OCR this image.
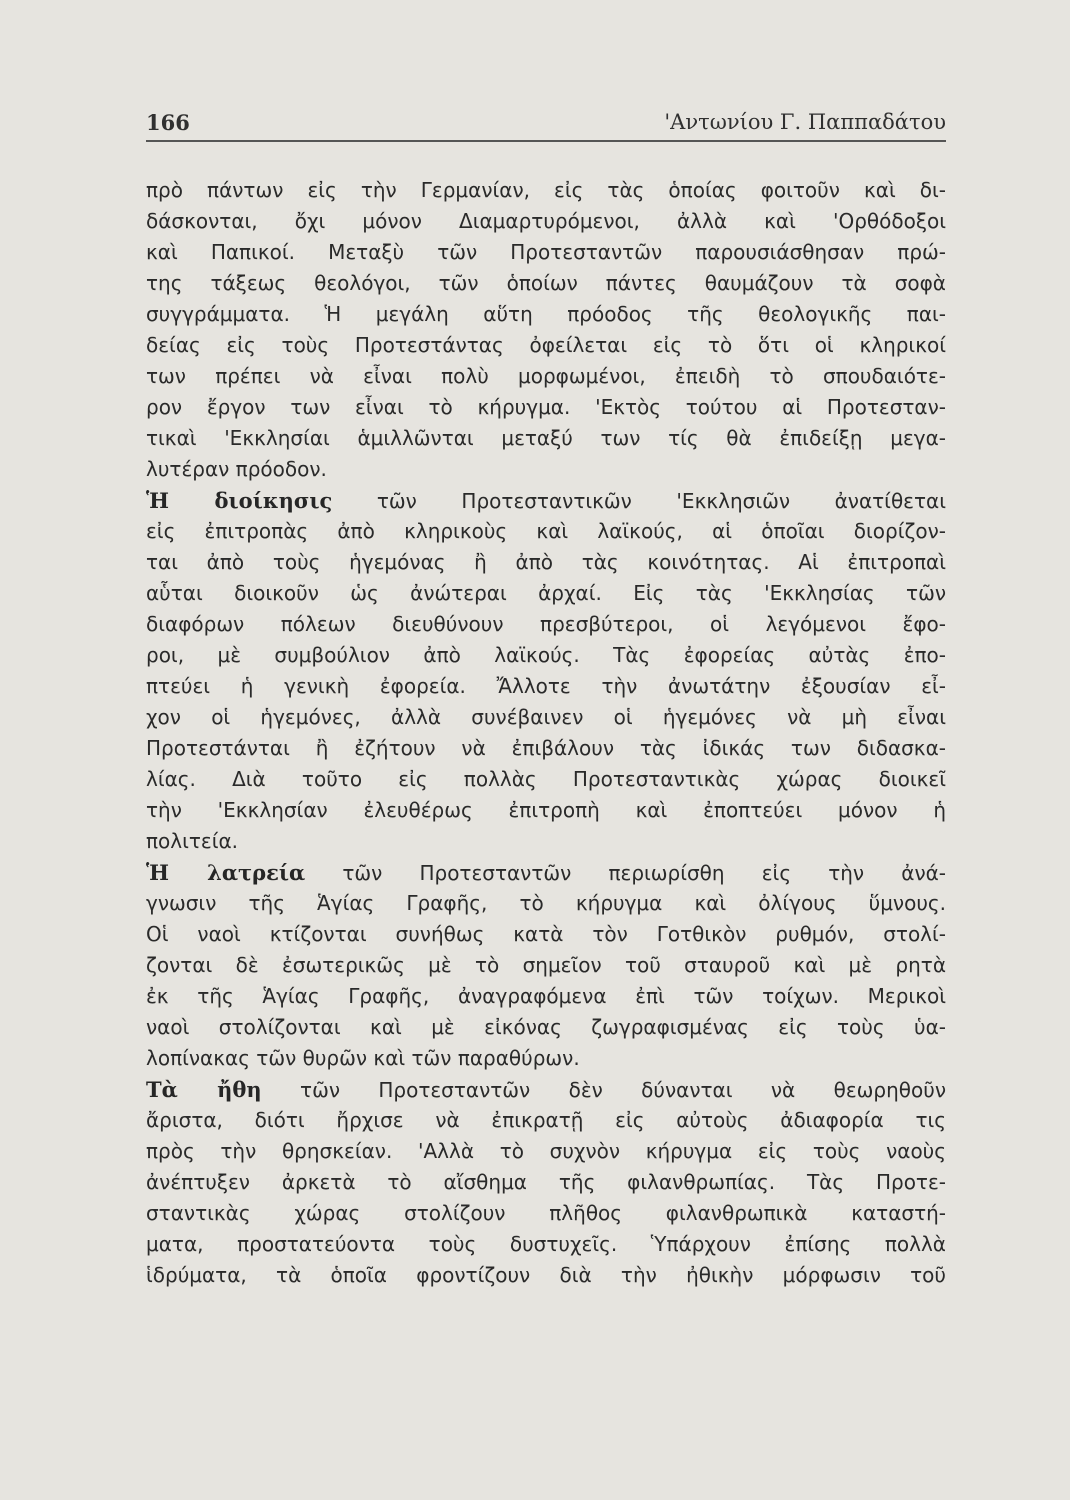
166	'Αντωνίου Γ. Παππαδάτου
πρὸ πάντων εἰς τὴν Γερμανίαν, εἰς τὰς ὁποίας φοιτοῦν καὶ δι-
δάσκονται, ὄχι μόνον Διαμαρτυρόμενοι, ἀλλὰ καὶ 'Ορθόδοξοι
καὶ Παπικοί. Μεταξὺ τῶν Προτεσταντῶν παρουσιάσθησαν πρώ-
της τάξεως θεολόγοι, τῶν ὁποίων πάντες θαυμάζουν τὰ σοφὰ
συγγράμματα. Ἡ μεγάλη αὕτη πρόοδος τῆς θεολογικῆς παι-
δείας εἰς τοὺς Προτεστάντας ὀφείλεται εἰς τὸ ὅτι οἱ κληρικοί
των πρέπει νὰ εἶναι πολὺ μορφωμένοι, ἐπειδὴ τὸ σπουδαιότε-
ρον ἔργον των εἶναι τὸ κήρυγμα. 'Εκτὸς τούτου αἱ Προτεσταν-
τικαὶ 'Εκκλησίαι ἁμιλλῶνται μεταξύ των τίς θὰ ἐπιδείξῃ μεγα-
λυτέραν πρόοδον.
Ἡ διοίκησις τῶν Προτεσταντικῶν 'Εκκλησιῶν ἀνατίθεται
εἰς ἐπιτροπὰς ἀπὸ κληρικοὺς καὶ λαϊκούς, αἱ ὁποῖαι διορίζον-
ται ἀπὸ τοὺς ἡγεμόνας ἢ ἀπὸ τὰς κοινότητας. Αἱ ἐπιτροπαὶ
αὗται διοικοῦν ὡς ἀνώτεραι ἀρχαί. Εἰς τὰς 'Εκκλησίας τῶν
διαφόρων πόλεων διευθύνουν πρεσβύτεροι, οἱ λεγόμενοι ἔφο-
ροι, μὲ συμβούλιον ἀπὸ λαϊκούς. Τὰς ἐφορείας αὐτὰς ἐπο-
πτεύει ἡ γενικὴ ἐφορεία. Ἄλλοτε τὴν ἀνωτάτην ἐξουσίαν εἶ-
χον οἱ ἡγεμόνες, ἀλλὰ συνέβαινεν οἱ ἡγεμόνες νὰ μὴ εἶναι
Προτεστάνται ἢ ἐζήτουν νὰ ἐπιβάλουν τὰς ἰδικάς των διδασκα-
λίας. Διὰ τοῦτο εἰς πολλὰς Προτεσταντικὰς χώρας διοικεῖ
τὴν 'Εκκλησίαν ἐλευθέρως ἐπιτροπὴ καὶ ἐποπτεύει μόνον ἡ
πολιτεία.
Ἡ λατρεία τῶν Προτεσταντῶν περιωρίσθη εἰς τὴν ἀνά-
γνωσιν τῆς Ἁγίας Γραφῆς, τὸ κήρυγμα καὶ ὀλίγους ὕμνους.
Οἱ ναοὶ κτίζονται συνήθως κατὰ τὸν Γοτθικὸν ρυθμόν, στολί-
ζονται δὲ ἐσωτερικῶς μὲ τὸ σημεῖον τοῦ σταυροῦ καὶ μὲ ρητὰ
ἐκ τῆς Ἁγίας Γραφῆς, ἀναγραφόμενα ἐπὶ τῶν τοίχων. Μερικοὶ
ναοὶ στολίζονται καὶ μὲ εἰκόνας ζωγραφισμένας εἰς τοὺς ὑα-
λοπίνακας τῶν θυρῶν καὶ τῶν παραθύρων.
Τὰ ἤθη τῶν Προτεσταντῶν δὲν δύνανται νὰ θεωρηθοῦν
ἄριστα, διότι ἤρχισε νὰ ἐπικρατῇ εἰς αὐτοὺς ἀδιαφορία τις
πρὸς τὴν θρησκείαν. 'Αλλὰ τὸ συχνὸν κήρυγμα εἰς τοὺς ναοὺς
ἀνέπτυξεν ἀρκετὰ τὸ αἴσθημα τῆς φιλανθρωπίας. Τὰς Προτε-
σταντικὰς χώρας στολίζουν πλῆθος φιλανθρωπικὰ καταστή-
ματα, προστατεύοντα τοὺς δυστυχεῖς. Ὑπάρχουν ἐπίσης πολλὰ
ἱδρύματα, τὰ ὁποῖα φροντίζουν διὰ τὴν ἠθικὴν μόρφωσιν τοῦ
